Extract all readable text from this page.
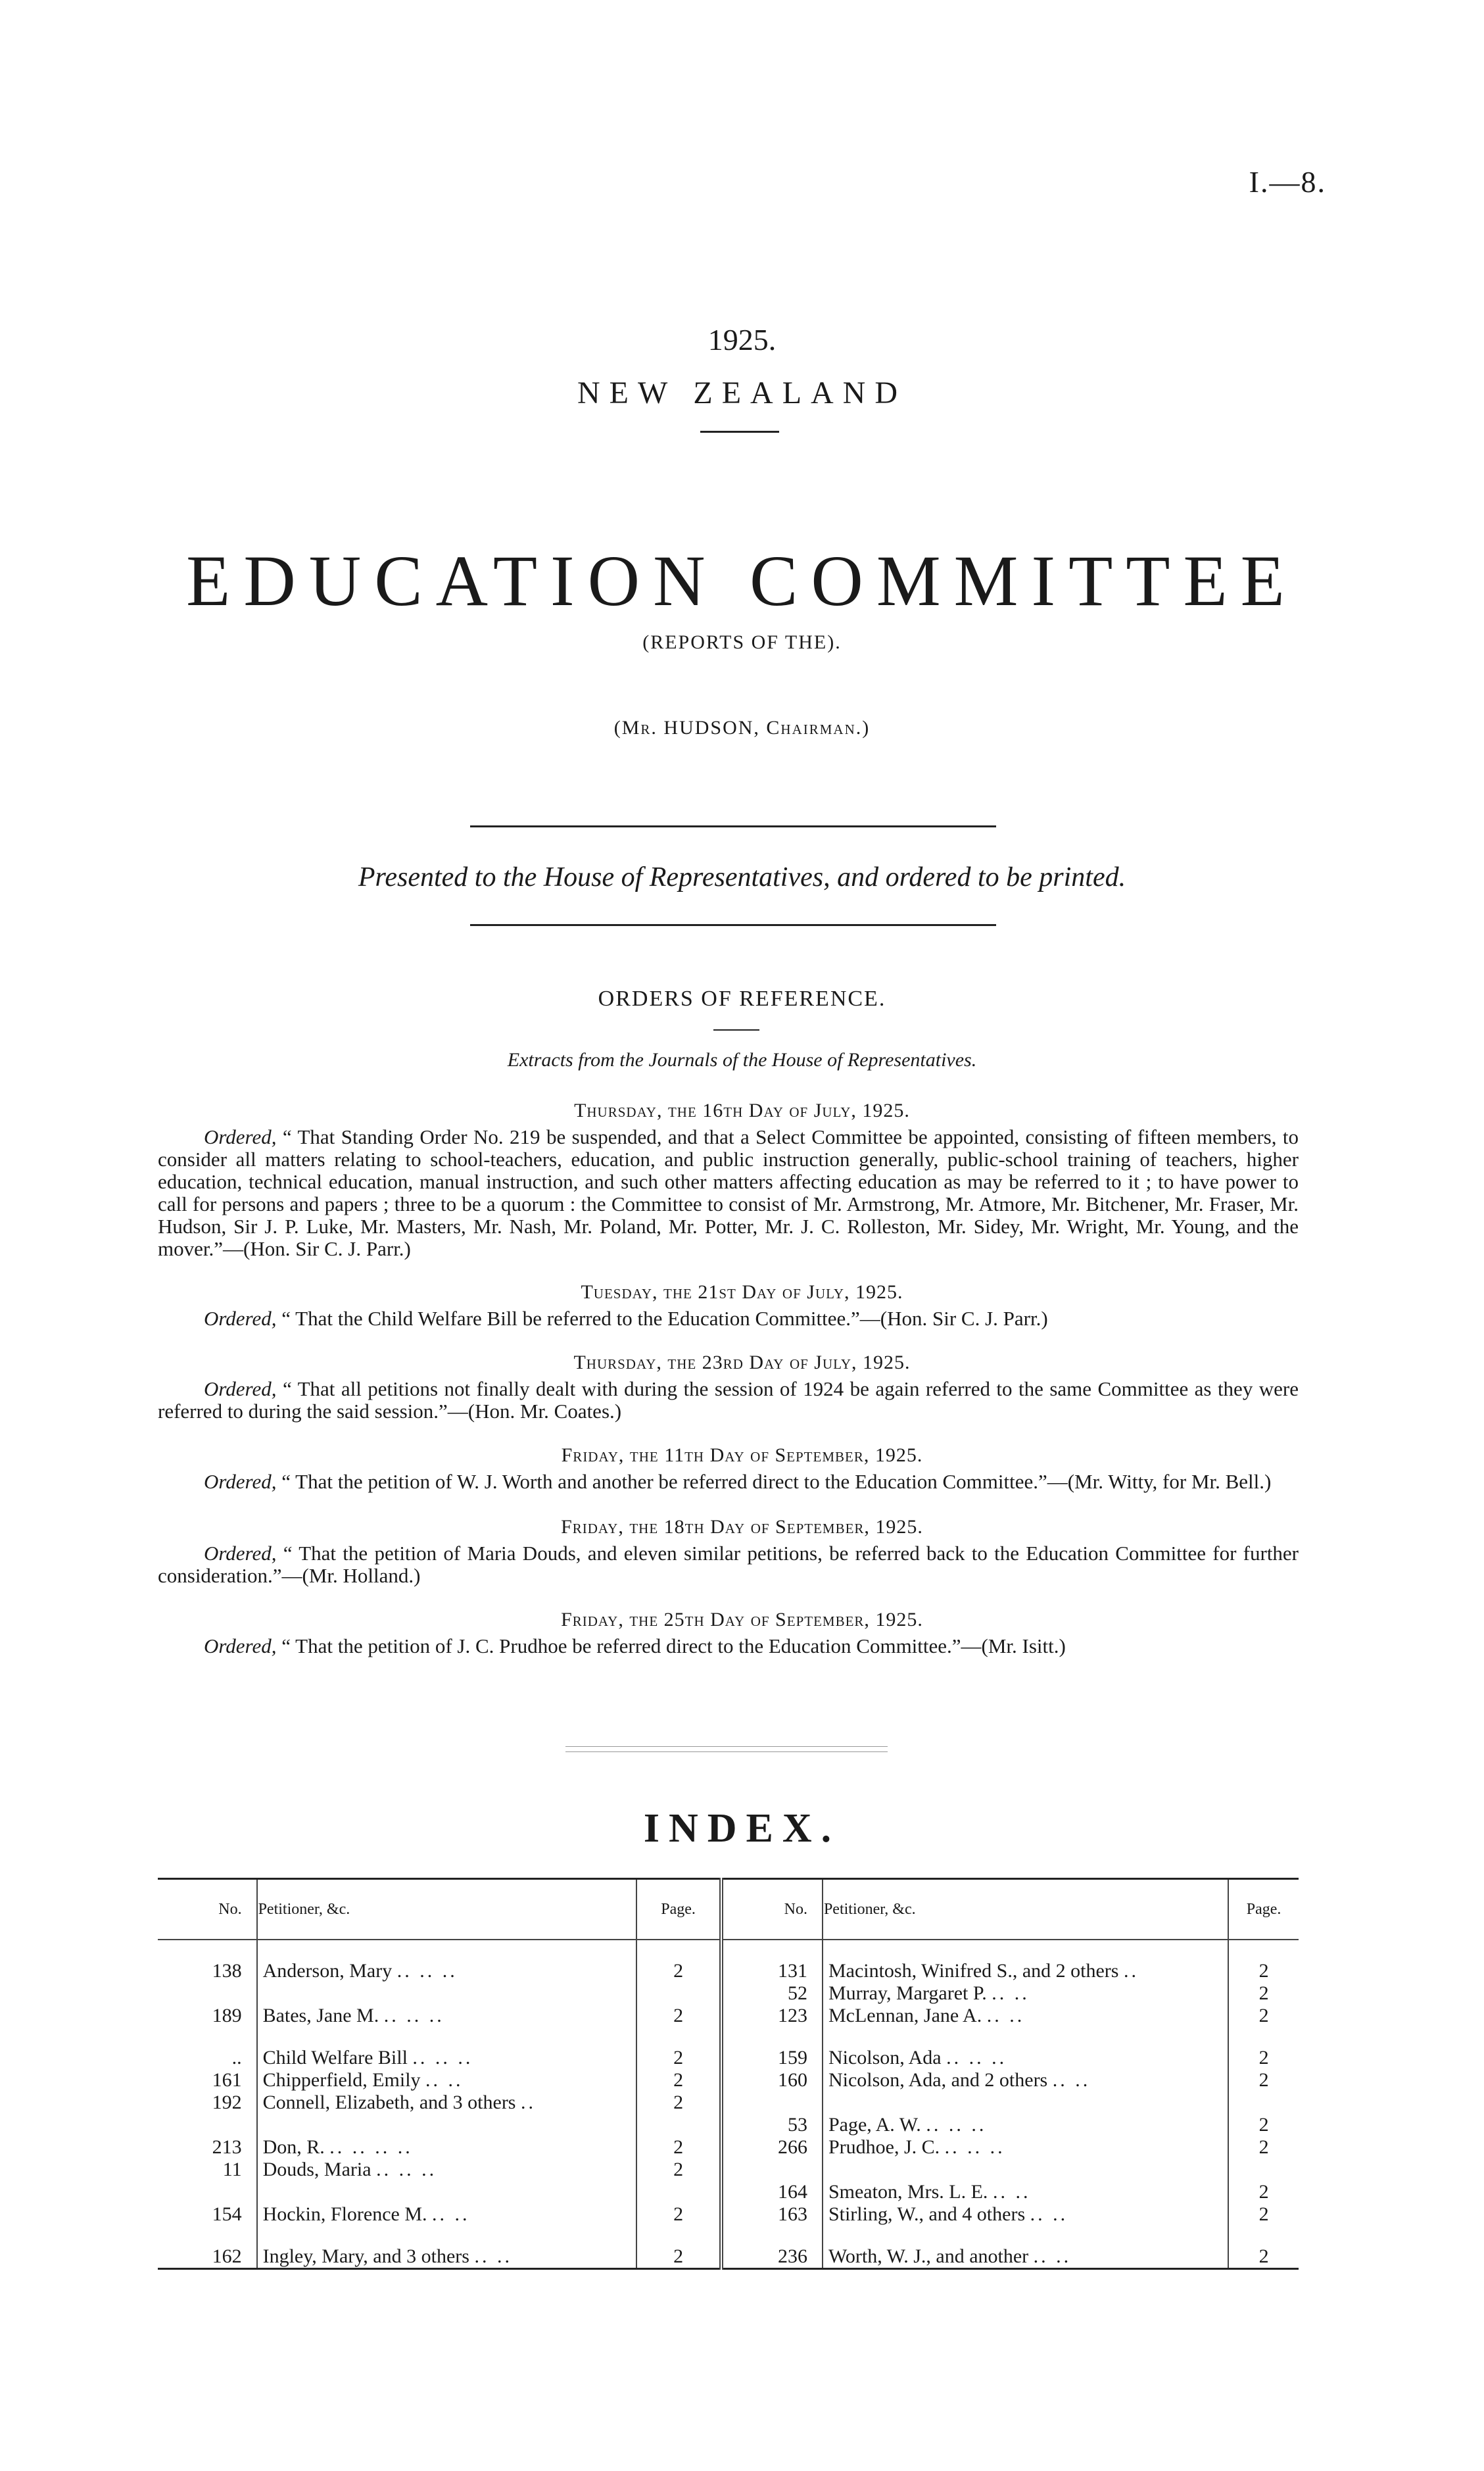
I.—8.
1925.
NEW ZEALAND
EDUCATION COMMITTEE
(REPORTS OF THE).
(Mr. HUDSON, Chairman.)
Presented to the House of Representatives, and ordered to be printed.
ORDERS OF REFERENCE.
Extracts from the Journals of the House of Representatives.
Thursday, the 16th Day of July, 1925.
Ordered, “ That Standing Order No. 219 be suspended, and that a Select Committee be appointed, consisting of fifteen members, to consider all matters relating to school-teachers, education, and public instruction generally, public-school training of teachers, higher education, technical education, manual instruction, and such other matters affecting education as may be referred to it ; to have power to call for persons and papers ; three to be a quorum : the Committee to consist of Mr. Armstrong, Mr. Atmore, Mr. Bitchener, Mr. Fraser, Mr. Hudson, Sir J. P. Luke, Mr. Masters, Mr. Nash, Mr. Poland, Mr. Potter, Mr. J. C. Rolleston, Mr. Sidey, Mr. Wright, Mr. Young, and the mover.”—(Hon. Sir C. J. Parr.)
Tuesday, the 21st Day of July, 1925.
Ordered, “ That the Child Welfare Bill be referred to the Education Committee.”—(Hon. Sir C. J. Parr.)
Thursday, the 23rd Day of July, 1925.
Ordered, “ That all petitions not finally dealt with during the session of 1924 be again referred to the same Committee as they were referred to during the said session.”—(Hon. Mr. Coates.)
Friday, the 11th Day of September, 1925.
Ordered, “ That the petition of W. J. Worth and another be referred direct to the Education Committee.”—(Mr. Witty, for Mr. Bell.)
Friday, the 18th Day of September, 1925.
Ordered, “ That the petition of Maria Douds, and eleven similar petitions, be referred back to the Education Committee for further consideration.”—(Mr. Holland.)
Friday, the 25th Day of September, 1925.
Ordered, “ That the petition of J. C. Prudhoe be referred direct to the Education Committee.”—(Mr. Isitt.)
INDEX.
No.	Petitioner, &c.	Page.	No.	Petitioner, &c.	Page.

138	Anderson, Mary .. .. ..	2	131	Macintosh, Winifred S., and 2 others ..	2
			52	Murray, Margaret P. .. ..	2
189	Bates, Jane M. .. .. ..	2	123	McLennan, Jane A. .. ..	2

..	Child Welfare Bill .. .. ..	2	159	Nicolson, Ada .. .. ..	2
161	Chipperfield, Emily .. ..	2	160	Nicolson, Ada, and 2 others .. ..	2
192	Connell, Elizabeth, and 3 others ..	2			
			53	Page, A. W. .. .. ..	2
213	Don, R. .. .. .. ..	2	266	Prudhoe, J. C. .. .. ..	2
11	Douds, Maria .. .. ..	2			
			164	Smeaton, Mrs. L. E. .. ..	2
154	Hockin, Florence M. .. ..	2	163	Stirling, W., and 4 others .. ..	2

162	Ingley, Mary, and 3 others .. ..	2	236	Worth, W. J., and another .. ..	2
